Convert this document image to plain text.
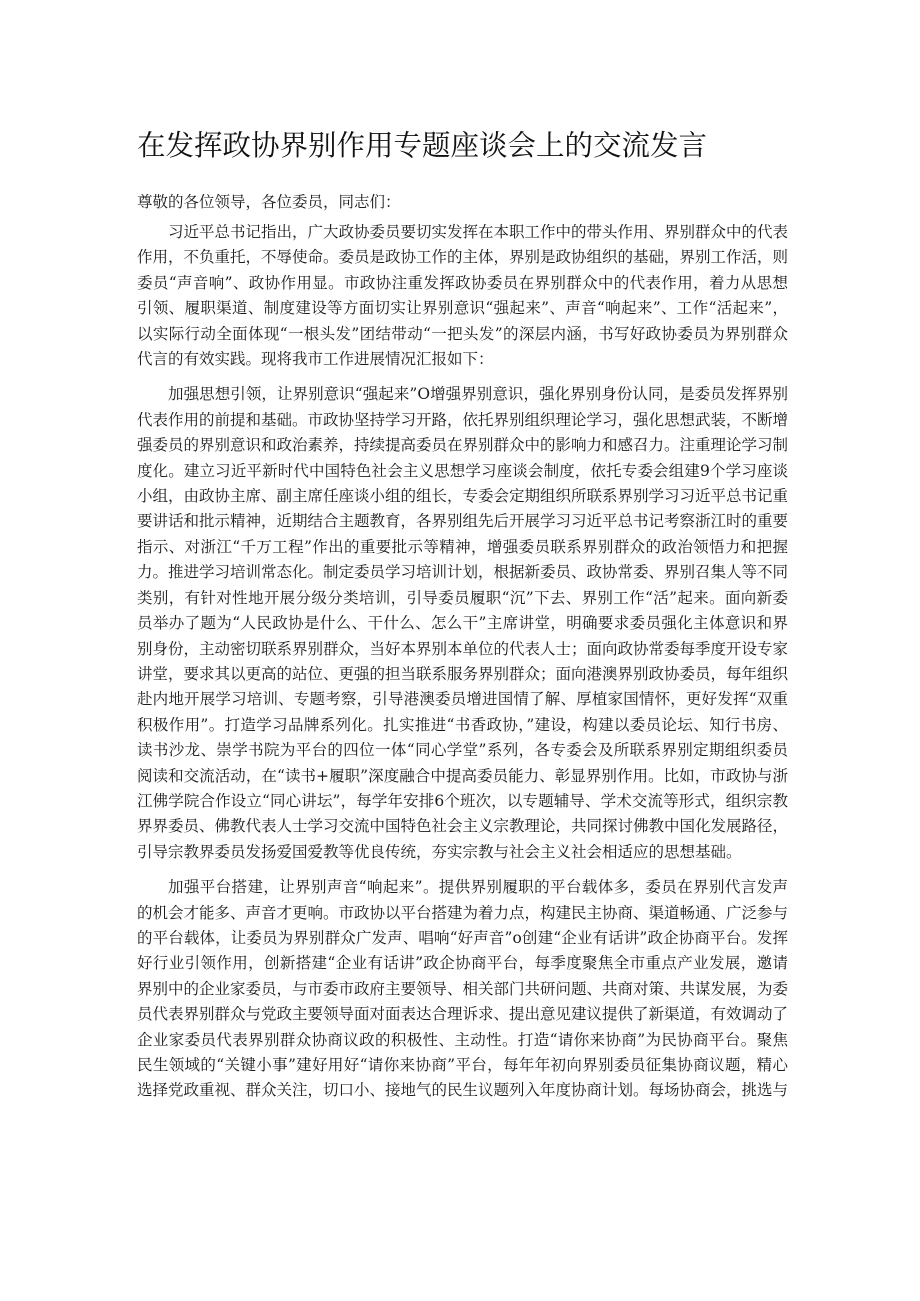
在发挥政协界别作用专题座谈会上的交流发言

尊敬的各位领导，各位委员，同志们：

习近平总书记指出，广大政协委员要切实发挥在本职工作中的带头作用、界别群众中的代表作用，不负重托，不辱使命。委员是政协工作的主体，界别是政协组织的基础，界别工作活，则委员“声音响”、政协作用显。市政协注重发挥政协委员在界别群众中的代表作用，着力从思想引领、履职渠道、制度建设等方面切实让界别意识“强起来”、声音“响起来”、工作“活起来”，以实际行动全面体现“一根头发”团结带动“一把头发”的深层内涵，书写好政协委员为界别群众代言的有效实践。现将我市工作进展情况汇报如下：

加强思想引领，让界别意识“强起来”O增强界别意识，强化界别身份认同，是委员发挥界别代表作用的前提和基础。市政协坚持学习开路，依托界别组织理论学习，强化思想武装，不断增强委员的界别意识和政治素养，持续提高委员在界别群众中的影响力和感召力。注重理论学习制度化。建立习近平新时代中国特色社会主义思想学习座谈会制度，依托专委会组建9个学习座谈小组，由政协主席、副主席任座谈小组的组长，专委会定期组织所联系界别学习习近平总书记重要讲话和批示精神，近期结合主题教育，各界别组先后开展学习习近平总书记考察浙江时的重要指示、对浙江“千万工程”作出的重要批示等精神，增强委员联系界别群众的政治领悟力和把握力。推进学习培训常态化。制定委员学习培训计划，根据新委员、政协常委、界别召集人等不同类别，有针对性地开展分级分类培训，引导委员履职“沉”下去、界别工作“活”起来。面向新委员举办了题为“人民政协是什么、干什么、怎么干”主席讲堂，明确要求委员强化主体意识和界别身份，主动密切联系界别群众，当好本界别本单位的代表人士；面向政协常委每季度开设专家讲堂，要求其以更高的站位、更强的担当联系服务界别群众；面向港澳界别政协委员，每年组织赴内地开展学习培训、专题考察，引导港澳委员增进国情了解、厚植家国情怀，更好发挥“双重积极作用”。打造学习品牌系列化。扎实推进“书香政协，”建设，构建以委员论坛、知行书房、读书沙龙、崇学书院为平台的四位一体“同心学堂”系列，各专委会及所联系界别定期组织委员阅读和交流活动，在“读书+履职”深度融合中提高委员能力、彰显界别作用。比如，市政协与浙江佛学院合作设立“同心讲坛”，每学年安排6个班次，以专题辅导、学术交流等形式，组织宗教界界委员、佛教代表人士学习交流中国特色社会主义宗教理论，共同探讨佛教中国化发展路径，引导宗教界委员发扬爱国爱教等优良传统，夯实宗教与社会主义社会相适应的思想基础。

加强平台搭建，让界别声音“响起来”。提供界别履职的平台载体多，委员在界别代言发声的机会才能多、声音才更响。市政协以平台搭建为着力点，构建民主协商、渠道畅通、广泛参与的平台载体，让委员为界别群众广发声、唱响“好声音”o创建“企业有话讲”政企协商平台。发挥好行业引领作用，创新搭建“企业有话讲”政企协商平台，每季度聚焦全市重点产业发展，邀请界别中的企业家委员，与市委市政府主要领导、相关部门共研问题、共商对策、共谋发展，为委员代表界别群众与党政主要领导面对面表达合理诉求、提出意见建议提供了新渠道，有效调动了企业家委员代表界别群众协商议政的积极性、主动性。打造“请你来协商”为民协商平台。聚焦民生领域的“关键小事”建好用好“请你来协商”平台，每年年初向界别委员征集协商议题，精心选择党政重视、群众关注，切口小、接地气的民生议题列入年度协商计划。每场协商会，挑选与
